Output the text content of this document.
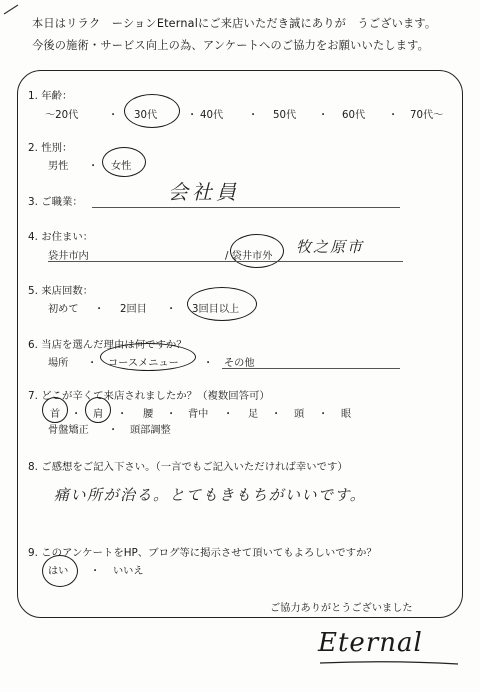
本日はリラク　ーションEternalにご来店いただき誠にありが　うございます。
今後の施術・サービス向上の為、アンケートへのご協力をお願いいたします。
1. 年齢：
～20代	・ 30代	・ 40代 ・ 50代 ・ 60代 ・ 70代～
2. 性別：
男性 ・ 女性
3. ご職業：	会社員
4. お住まい：
袋井市内	/ 袋井市外
牧之原市
5. 来店回数：
初めて ・ 2回目 ・ 3回目以上
6. 当店を選んだ理由は何ですか？
場所 ・ コースメニュー ・ その他
7. どこが辛くて来店されましたか？（複数回答可）
首 ・ 肩 ・ 腰 ・ 背中 ・ 足 ・ 頭 ・ 眼
骨盤矯正 ・ 頭部調整
8. ご感想をご記入下さい。（一言でもご記入いただければ幸いです）
痛い所が治る。とてもきもちがいいです。
9. このアンケートをHP、ブログ等に掲示させて頂いてもよろしいですか？
はい ・ いいえ
ご協力ありがとうございました
Eternal
